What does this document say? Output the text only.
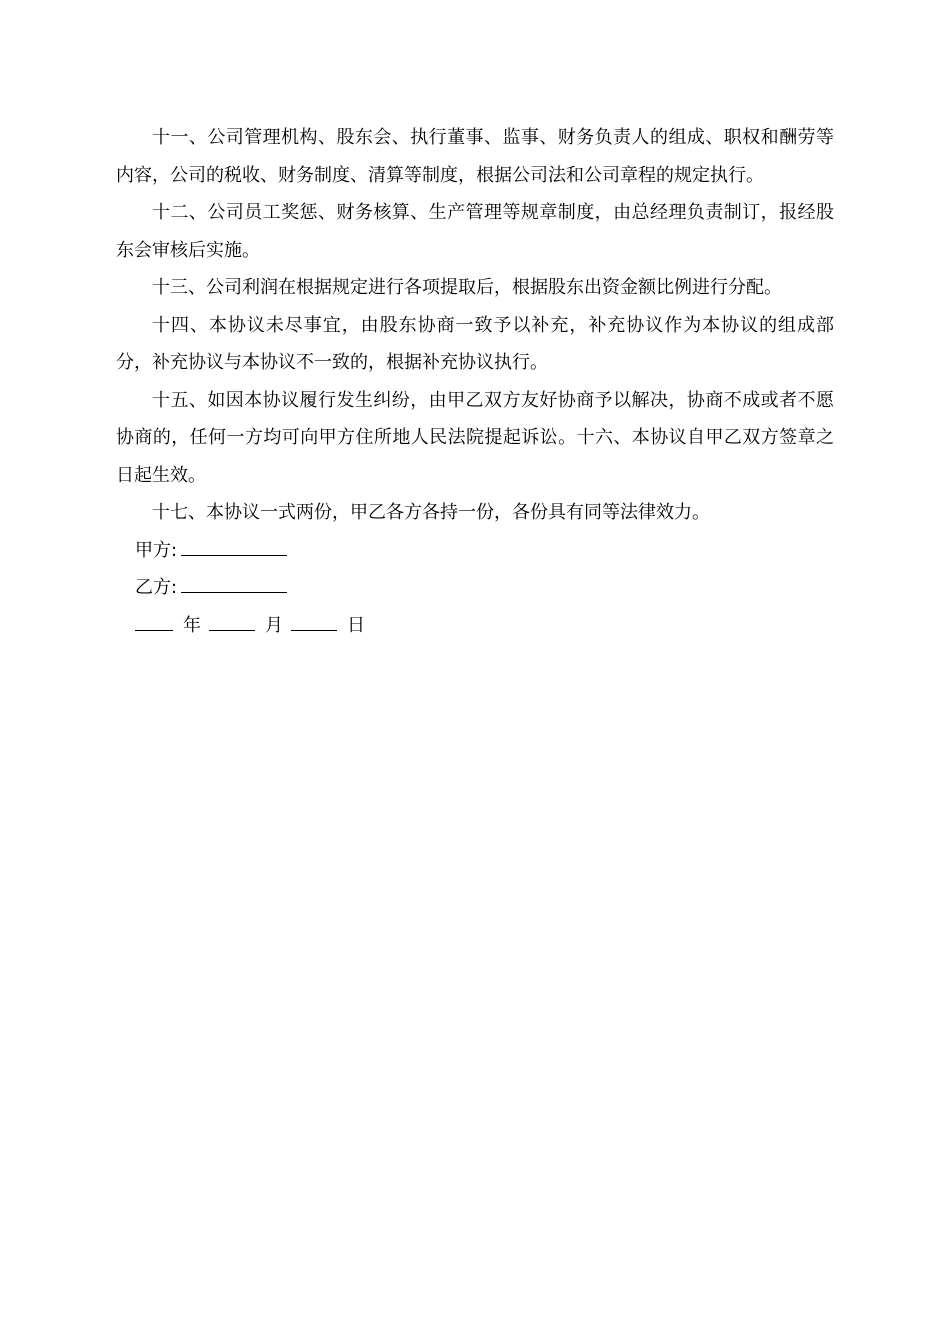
十一、公司管理机构、股东会、执行董事、监事、财务负责人的组成、职权和酬劳等内容，公司的税收、财务制度、清算等制度，根据公司法和公司章程的规定执行。

十二、公司员工奖惩、财务核算、生产管理等规章制度，由总经理负责制订，报经股东会审核后实施。

十三、公司利润在根据规定进行各项提取后，根据股东出资金额比例进行分配。

十四、本协议未尽事宜，由股东协商一致予以补充，补充协议作为本协议的组成部分，补充协议与本协议不一致的，根据补充协议执行。

十五、如因本协议履行发生纠纷，由甲乙双方友好协商予以解决，协商不成或者不愿协商的，任何一方均可向甲方住所地人民法院提起诉讼。十六、本协议自甲乙双方签章之日起生效。

十七、本协议一式两份，甲乙各方各持一份，各份具有同等法律效力。

甲方:

乙方:

年	月	日
